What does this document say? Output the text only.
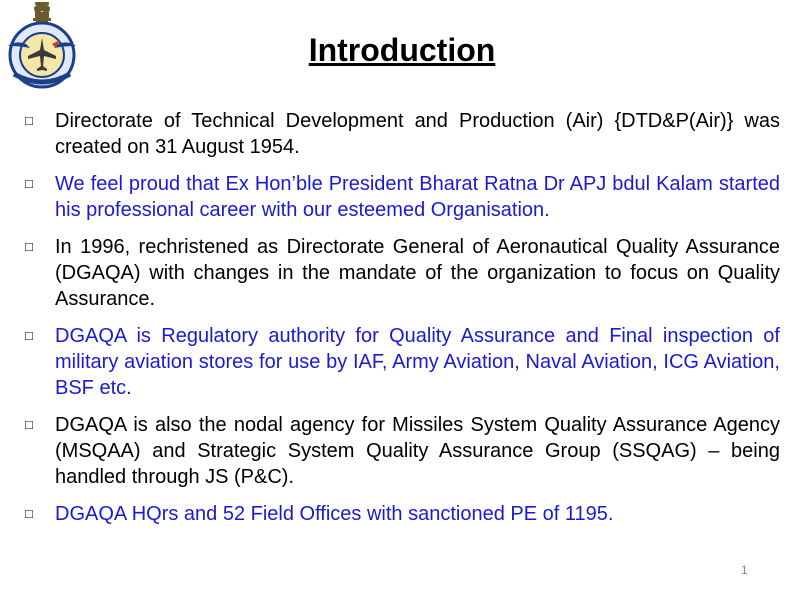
Introduction
□	Directorate of Technical Development and Production (Air) {DTD&P(Air)} was created on 31 August 1954.
□	We feel proud that Ex Hon’ble President Bharat Ratna Dr APJ bdul Kalam started his professional career with our esteemed Organisation.
□	In 1996, rechristened as Directorate General of Aeronautical Quality Assurance (DGAQA) with changes in the mandate of the organization to focus on Quality Assurance.
□	DGAQA is Regulatory authority for Quality Assurance and Final inspection of military aviation stores for use by IAF, Army Aviation, Naval Aviation, ICG Aviation, BSF etc.
□	DGAQA is also the nodal agency for Missiles System Quality Assurance Agency (MSQAA) and Strategic System Quality Assurance Group (SSQAG) – being handled through JS (P&C).
□	DGAQA HQrs and 52 Field Offices with sanctioned PE of 1195.
1
